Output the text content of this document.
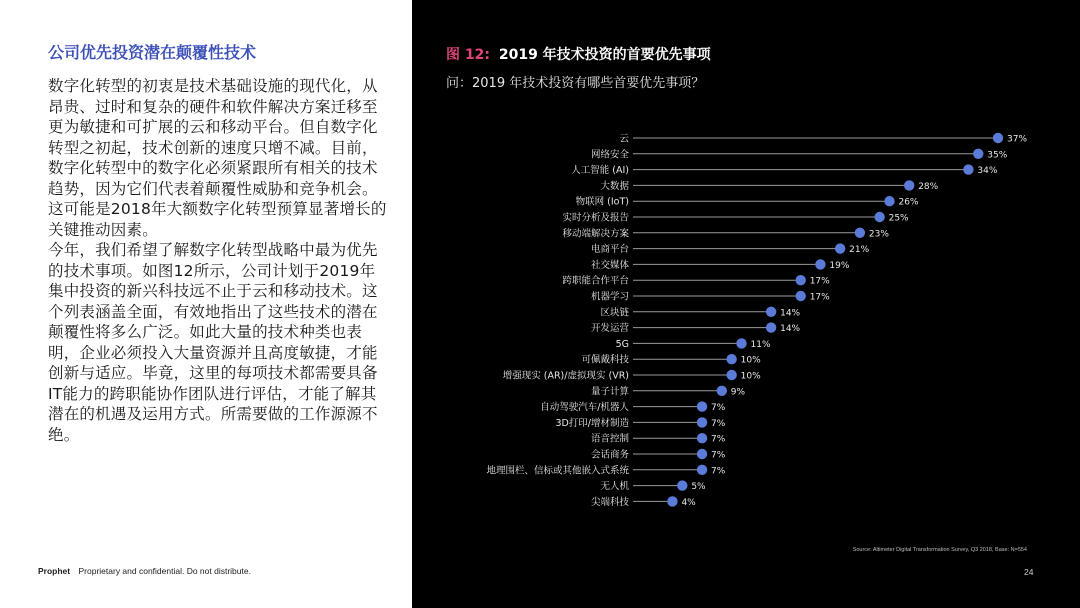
公司优先投资潜在颠覆性技术

数字化转型的初衷是技术基础设施的现代化，从昂贵、过时和复杂的硬件和软件解决方案迁移至更为敏捷和可扩展的云和移动平台。但自数字化转型之初起，技术创新的速度只增不减。目前，数字化转型中的数字化必须紧跟所有相关的技术趋势，因为它们代表着颠覆性威胁和竞争机会。这可能是2018年大额数字化转型预算显著增长的关键推动因素。

今年，我们希望了解数字化转型战略中最为优先的技术事项。如图12所示，公司计划于2019年集中投资的新兴科技远不止于云和移动技术。这个列表涵盖全面，有效地指出了这些技术的潜在颠覆性将多么广泛。如此大量的技术种类也表明，企业必须投入大量资源并且高度敏捷，才能创新与适应。毕竟，这里的每项技术都需要具备IT能力的跨职能协作团队进行评估，才能了解其潜在的机遇及运用方式。所需要做的工作源源不绝。

Prophet Proprietary and confidential. Do not distribute.
图 12: 2019 年技术投资的首要优先事项
问：2019 年技术投资有哪些首要优先事项？
云	37%
网络安全	35%
人工智能 (AI)	34%
大数据	28%
物联网 (IoT)	26%
实时分析及报告	25%
移动端解决方案	23%
电商平台	21%
社交媒体	19%
跨职能合作平台	17%
机器学习	17%
区块链	14%
开发运营	14%
5G	11%
可佩戴科技	10%
增强现实 (AR)/虚拟现实 (VR)	10%
量子计算	9%
自动驾驶汽车/机器人	7%
3D打印/增材制造	7%
语音控制	7%
会话商务	7%
地理围栏、信标或其他嵌入式系统	7%
无人机	5%
尖端科技	4%
Source: Altimeter Digital Transformation Survey, Q3 2018, Base: N=554
24
